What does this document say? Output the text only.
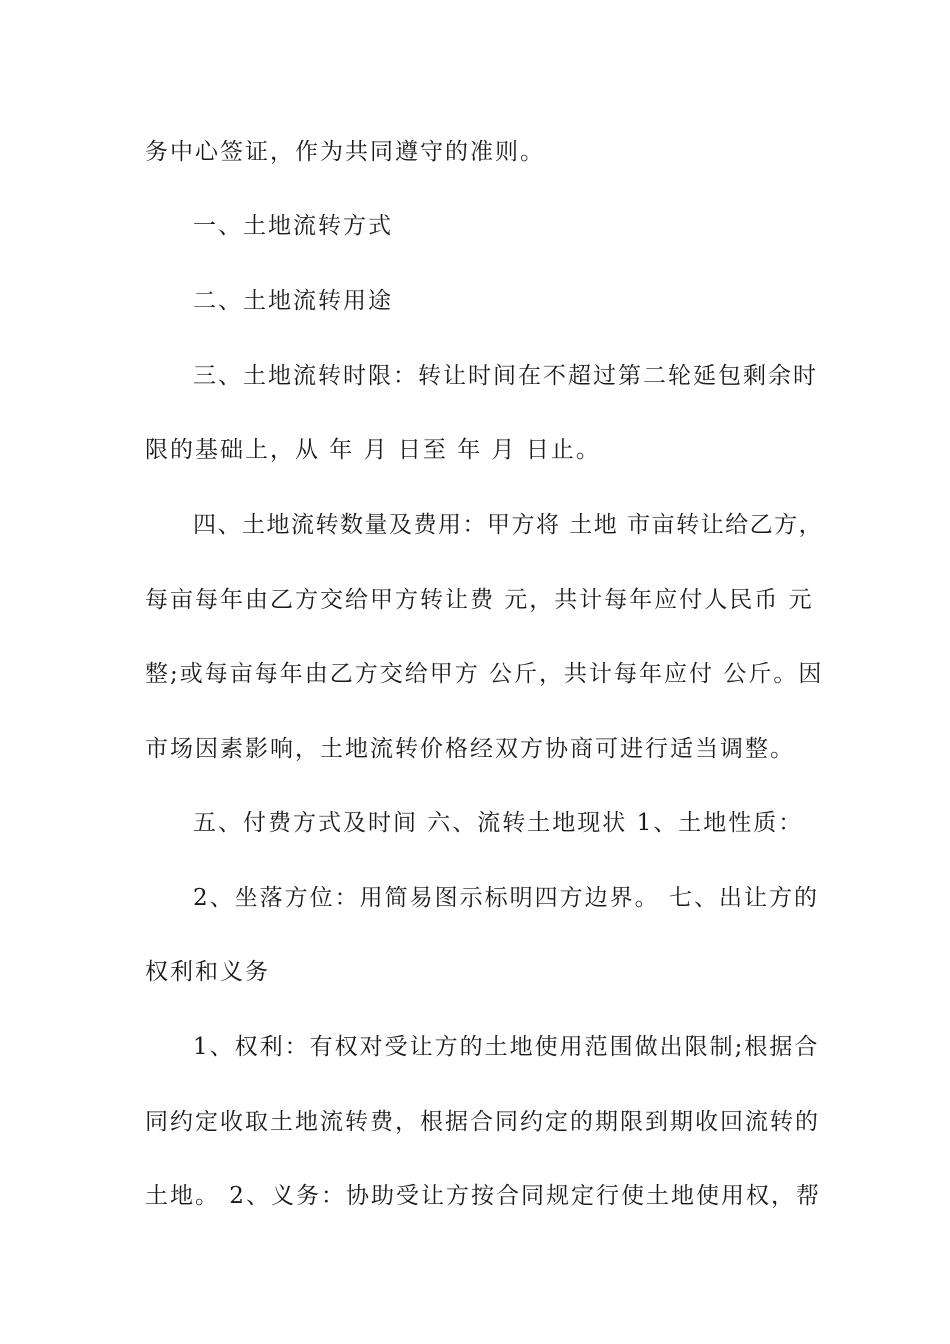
务中心签证，作为共同遵守的准则。
一、土地流转方式
二、土地流转用途
三、土地流转时限：转让时间在不超过第二轮延包剩余时
限的基础上，从 年 月 日至 年 月 日止。
四、土地流转数量及费用：甲方将 土地 市亩转让给乙方，
每亩每年由乙方交给甲方转让费 元，共计每年应付人民币 元
整;或每亩每年由乙方交给甲方 公斤，共计每年应付 公斤。因
市场因素影响，土地流转价格经双方协商可进行适当调整。
五、付费方式及时间 六、流转土地现状 1、土地性质：
2、坐落方位：用简易图示标明四方边界。 七、出让方的
权利和义务
1、权利：有权对受让方的土地使用范围做出限制;根据合
同约定收取土地流转费，根据合同约定的期限到期收回流转的
土地。 2、义务：协助受让方按合同规定行使土地使用权，帮
